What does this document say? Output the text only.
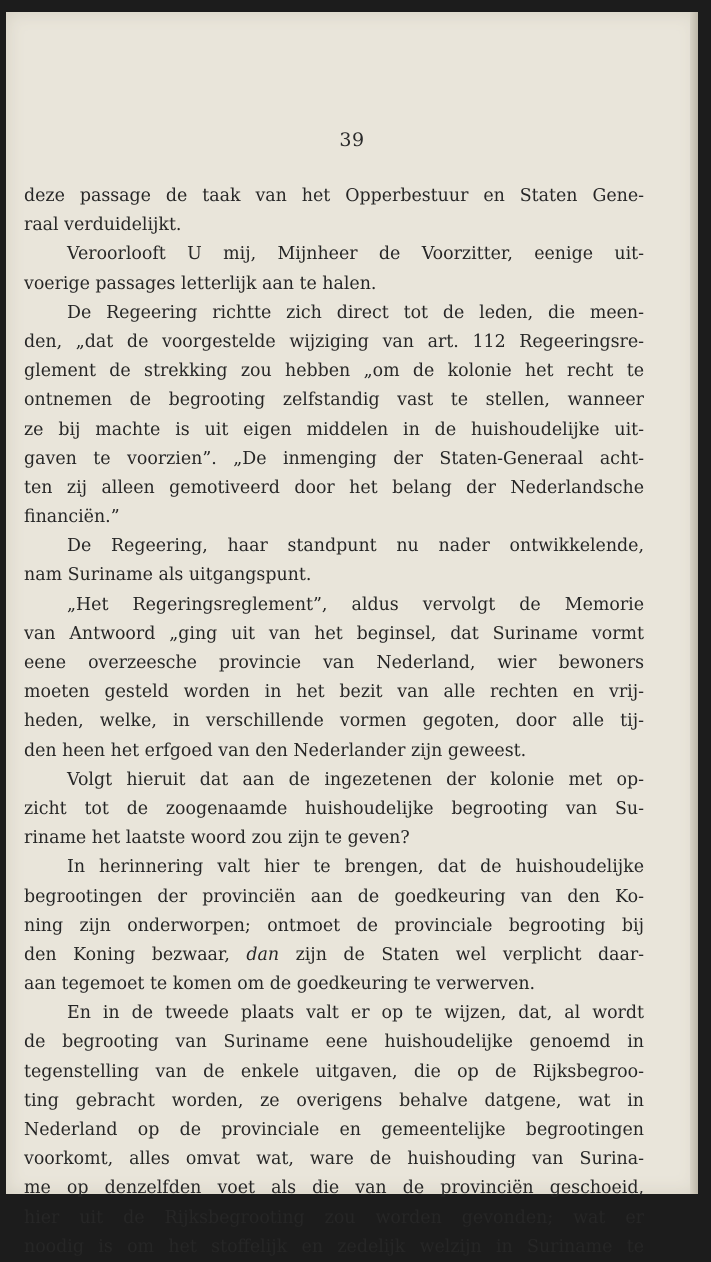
39
deze passage de taak van het Opperbestuur en Staten Gene-
raal verduidelijkt.
Veroorlooft U mij, Mijnheer de Voorzitter, eenige uit-
voerige passages letterlijk aan te halen.
De Regeering richtte zich direct tot de leden, die meen-
den, „dat de voorgestelde wijziging van art. 112 Regeeringsre-
glement de strekking zou hebben „om de kolonie het recht te
ontnemen de begrooting zelfstandig vast te stellen, wanneer
ze bij machte is uit eigen middelen in de huishoudelijke uit-
gaven te voorzien”. „De inmenging der Staten-Generaal acht-
ten zij alleen gemotiveerd door het belang der Nederlandsche
financiën.”
De Regeering, haar standpunt nu nader ontwikkelende,
nam Suriname als uitgangspunt.
„Het Regeringsreglement”, aldus vervolgt de Memorie
van Antwoord „ging uit van het beginsel, dat Suriname vormt
eene overzeesche provincie van Nederland, wier bewoners
moeten gesteld worden in het bezit van alle rechten en vrij-
heden, welke, in verschillende vormen gegoten, door alle tij-
den heen het erfgoed van den Nederlander zijn geweest.
Volgt hieruit dat aan de ingezetenen der kolonie met op-
zicht tot de zoogenaamde huishoudelijke begrooting van Su-
riname het laatste woord zou zijn te geven?
In herinnering valt hier te brengen, dat de huishoudelijke
begrootingen der provinciën aan de goedkeuring van den Ko-
ning zijn onderworpen; ontmoet de provinciale begrooting bij
den Koning bezwaar, dan zijn de Staten wel verplicht daar-
aan tegemoet te komen om de goedkeuring te verwerven.
En in de tweede plaats valt er op te wijzen, dat, al wordt
de begrooting van Suriname eene huishoudelijke genoemd in
tegenstelling van de enkele uitgaven, die op de Rijksbegroo-
ting gebracht worden, ze overigens behalve datgene, wat in
Nederland op de provinciale en gemeentelijke begrootingen
voorkomt, alles omvat wat, ware de huishouding van Surina-
me op denzelfden voet als die van de provinciën geschoeid,
hier uit de Rijksbegrooting zou worden gevonden; wat er
noodig is om het stoffelijk en zedelijk welzijn in Suriname te
